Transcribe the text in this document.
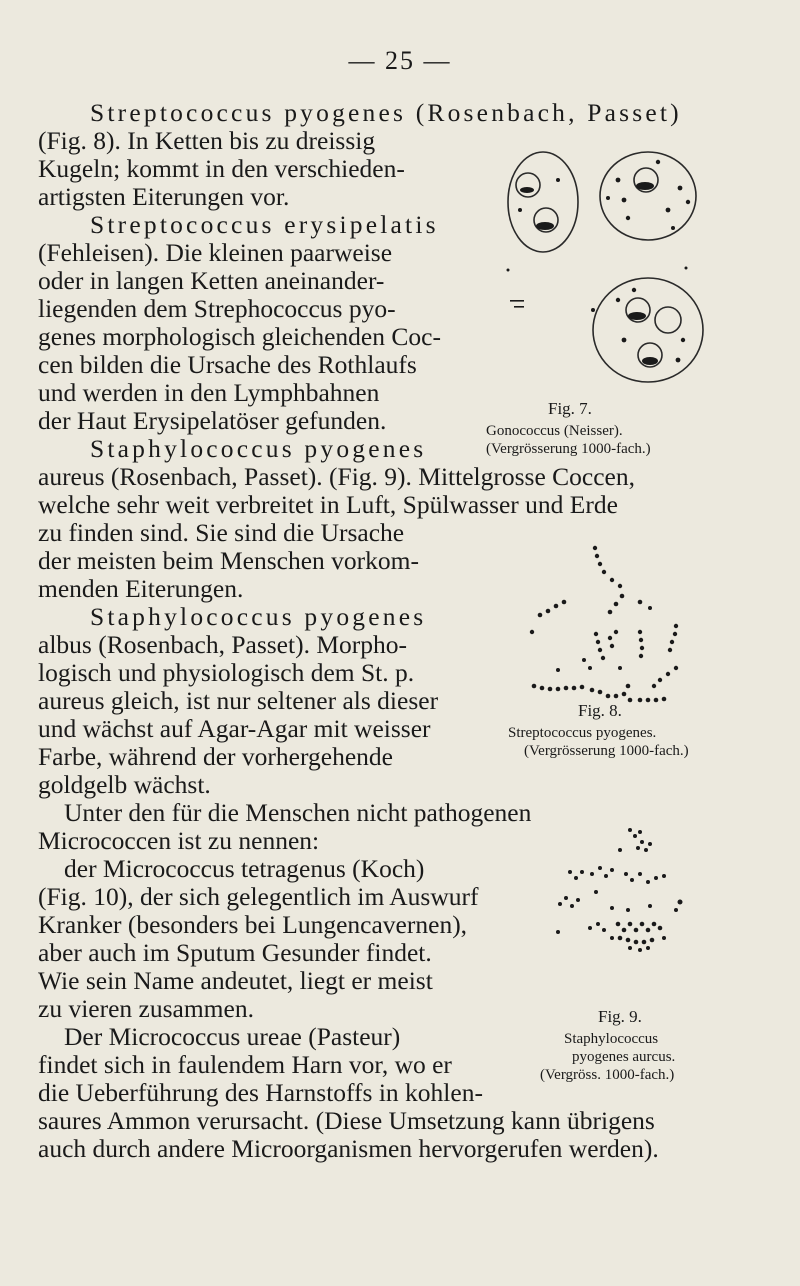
— 25 —
Streptococcus pyogenes (Rosenbach, Passet)
(Fig. 8). In Ketten bis zu dreissig
Kugeln; kommt in den verschieden-
artigsten Eiterungen vor.
Streptococcus erysipelatis
(Fehleisen). Die kleinen paarweise
oder in langen Ketten aneinander-
liegenden dem Strephococcus pyo-
genes morphologisch gleichenden Coc-
cen bilden die Ursache des Rothlaufs
und werden in den Lymphbahnen
der Haut Erysipelatöser gefunden.
Staphylococcus pyogenes
aureus (Rosenbach, Passet). (Fig. 9). Mittelgrosse Coccen,
welche sehr weit verbreitet in Luft, Spülwasser und Erde
zu finden sind. Sie sind die Ursache
der meisten beim Menschen vorkom-
menden Eiterungen.
Staphylococcus pyogenes
albus (Rosenbach, Passet). Morpho-
logisch und physiologisch dem St. p.
aureus gleich, ist nur seltener als dieser
und wächst auf Agar-Agar mit weisser
Farbe, während der vorhergehende
goldgelb wächst.
Unter den für die Menschen nicht pathogenen
Micrococcen ist zu nennen:
der Micrococcus tetragenus (Koch)
(Fig. 10), der sich gelegentlich im Auswurf
Kranker (besonders bei Lungencavernen),
aber auch im Sputum Gesunder findet.
Wie sein Name andeutet, liegt er meist
zu vieren zusammen.
Der Micrococcus ureae (Pasteur)
findet sich in faulendem Harn vor, wo er
die Ueberführung des Harnstoffs in kohlen-
saures Ammon verursacht. (Diese Umsetzung kann übrigens
auch durch andere Microorganismen hervorgerufen werden).
Fig. 7.
Gonococcus (Neisser).
(Vergrösserung 1000-fach.)
Fig. 8.
Streptococcus pyogenes.
(Vergrösserung 1000-fach.)
Fig. 9.
Staphylococcus
pyogenes aurcus.
(Vergröss. 1000-fach.)
